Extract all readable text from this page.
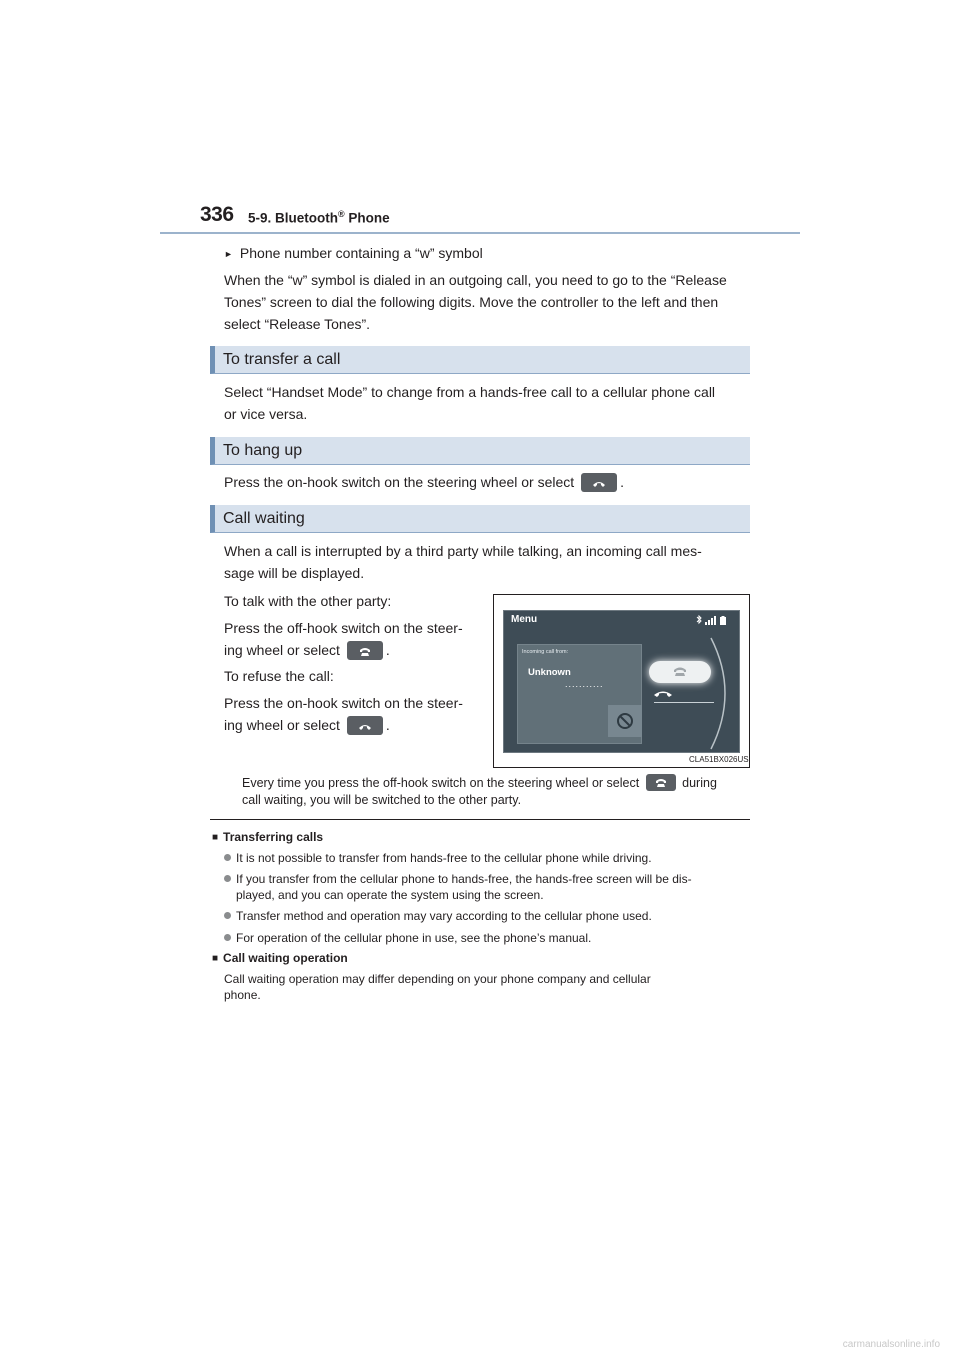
336 5-9. Bluetooth® Phone
► Phone number containing a “w” symbol
When the “w” symbol is dialed in an outgoing call, you need to go to the “Release
Tones” screen to dial the following digits. Move the controller to the left and then
select “Release Tones”.
To transfer a call
Select “Handset Mode” to change from a hands-free call to a cellular phone call
or vice versa.
To hang up
Press the on-hook switch on the steering wheel or select	.
Call waiting
When a call is interrupted by a third party while talking, an incoming call mes-
sage will be displayed.
To talk with the other party:
Press the off-hook switch on the steer-
ing wheel or select	.
To refuse the call:
Press the on-hook switch on the steer-
ing wheel or select	.
Menu
Incoming call from:
Unknown
...........
CLA51BX026US
Every time you press the off-hook switch on the steering wheel or select	during
call waiting, you will be switched to the other party.
■ Transferring calls
It is not possible to transfer from hands-free to the cellular phone while driving.
If you transfer from the cellular phone to hands-free, the hands-free screen will be dis-
played, and you can operate the system using the screen.
Transfer method and operation may vary according to the cellular phone used.
For operation of the cellular phone in use, see the phone’s manual.
■ Call waiting operation
Call waiting operation may differ depending on your phone company and cellular
phone.
carmanualsonline.info
